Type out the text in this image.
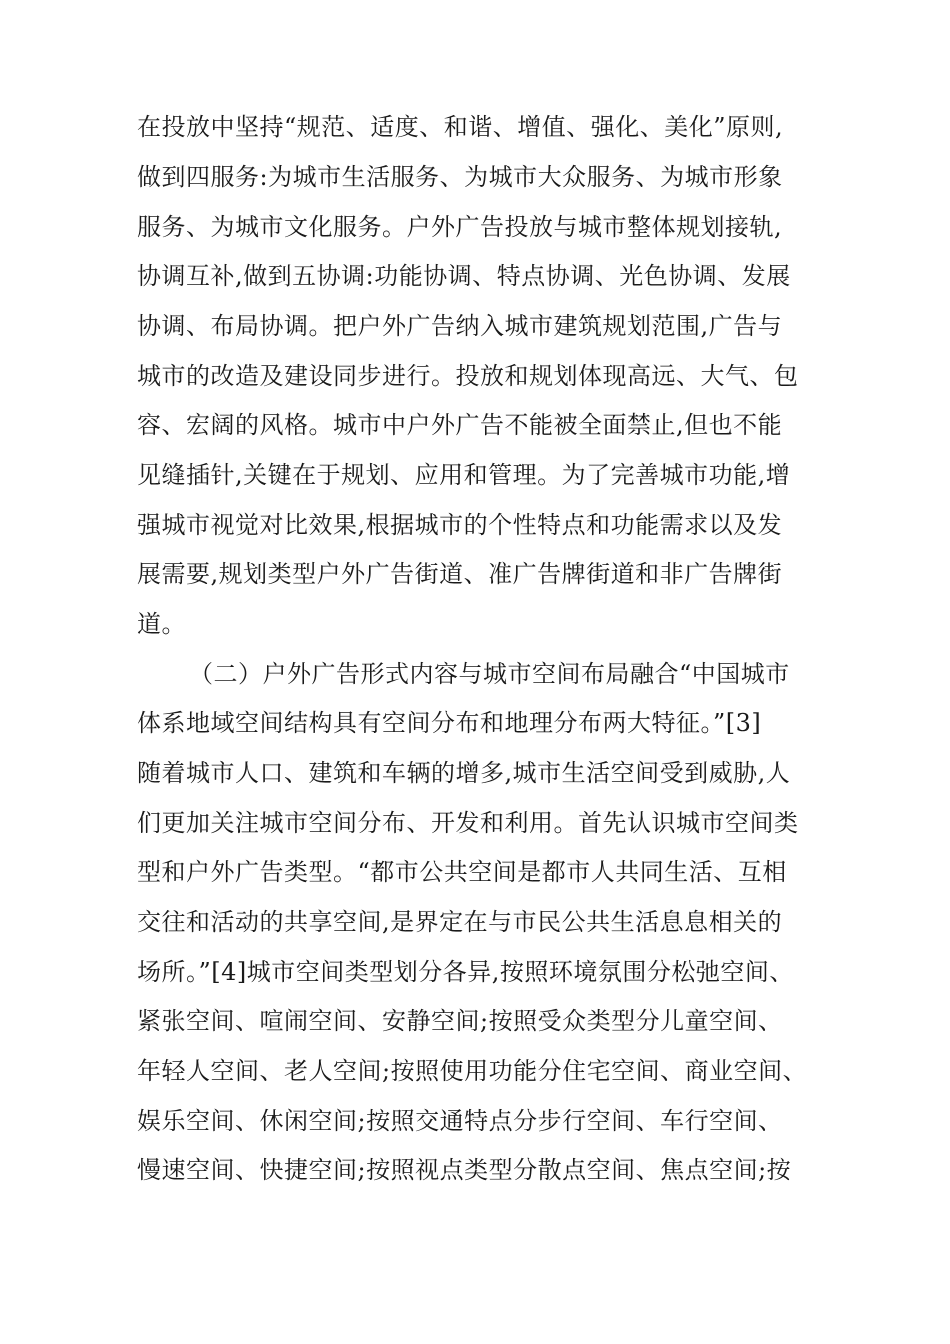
在投放中坚持“规范、适度、和谐、增值、强化、美化”原则,
做到四服务:为城市生活服务、为城市大众服务、为城市形象
服务、为城市文化服务。户外广告投放与城市整体规划接轨,
协调互补,做到五协调:功能协调、特点协调、光色协调、发展
协调、布局协调。把户外广告纳入城市建筑规划范围,广告与
城市的改造及建设同步进行。投放和规划体现高远、大气、包
容、宏阔的风格。城市中户外广告不能被全面禁止,但也不能
见缝插针,关键在于规划、应用和管理。为了完善城市功能,增
强城市视觉对比效果,根据城市的个性特点和功能需求以及发
展需要,规划类型户外广告街道、准广告牌街道和非广告牌街
道。
（二）户外广告形式内容与城市空间布局融合“中国城市
体系地域空间结构具有空间分布和地理分布两大特征。”[3]
随着城市人口、建筑和车辆的增多,城市生活空间受到威胁,人
们更加关注城市空间分布、开发和利用。首先认识城市空间类
型和户外广告类型。“都市公共空间是都市人共同生活、互相
交往和活动的共享空间,是界定在与市民公共生活息息相关的
场所。”[4]城市空间类型划分各异,按照环境氛围分松弛空间、
紧张空间、喧闹空间、安静空间;按照受众类型分儿童空间、
年轻人空间、老人空间;按照使用功能分住宅空间、商业空间、
娱乐空间、休闲空间;按照交通特点分步行空间、车行空间、
慢速空间、快捷空间;按照视点类型分散点空间、焦点空间;按
